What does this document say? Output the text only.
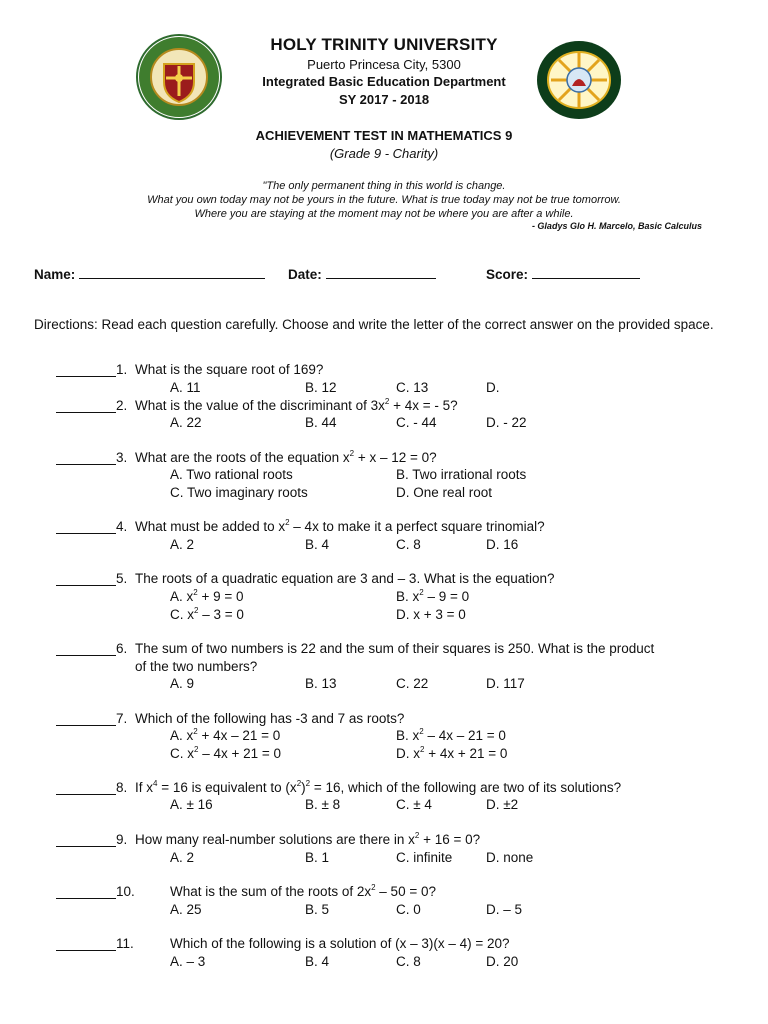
HOLY TRINITY UNIVERSITY
Puerto Princesa City, 5300
Integrated Basic Education Department
SY 2017 - 2018
ACHIEVEMENT TEST IN MATHEMATICS 9
(Grade 9 - Charity)
"The only permanent thing in this world is change.
What you own today may not be yours in the future. What is true today may not be true tomorrow.
Where you are staying at the moment may not be where you are after a while.
- Gladys Glo H. Marcelo, Basic Calculus
Name:	Date:	Score:
Directions: Read each question carefully. Choose and write the letter of the correct answer on the provided space.
1. What is the square root of 169?
A. 11	B. 12	C. 13	D.
2. What is the value of the discriminant of $3x^2 + 4x$ = - 5?
A. 22	B. 44	C. - 44	D. - 22
3. What are the roots of the equation $x^2 + x - 12 = 0$?
A. Two rational roots	B. Two irrational roots
C. Two imaginary roots	D. One real root
4. What must be added to $x^2 - 4x$ to make it a perfect square trinomial?
A. 2	B. 4	C. 8	D. 16
5. The roots of a quadratic equation are 3 and – 3. What is the equation?
A. $x^2 + 9 = 0$	B. $x^2 - 9 = 0$
C. $x^2 - 3 = 0$	D. x + 3 = 0
6. The sum of two numbers is 22 and the sum of their squares is 250. What is the product
of the two numbers?
A. 9	B. 13	C. 22	D. 117
7. Which of the following has -3 and 7 as roots?
A. $x^2 + 4x - 21 = 0$	B. $x^2 - 4x - 21 = 0$
C. $x^2 - 4x + 21 = 0$	D. $x^2 + 4x + 21 = 0$
8. If $x^4 = 16$ is equivalent to $(x^2)^2 = 16$, which of the following are two of its solutions?
A. ± 16	B. ± 8	C. ± 4	D. ±2
9. How many real-number solutions are there in $x^2 + 16 = 0$?
A. 2	B. 1	C. infinite D. none
10.	What is the sum of the roots of $2x^2 - 50 = 0$?
A. 25	B. 5	C. 0	D. – 5
11.	Which of the following is a solution of (x – 3)(x – 4) = 20?
A. – 3	B. 4	C. 8	D. 20
